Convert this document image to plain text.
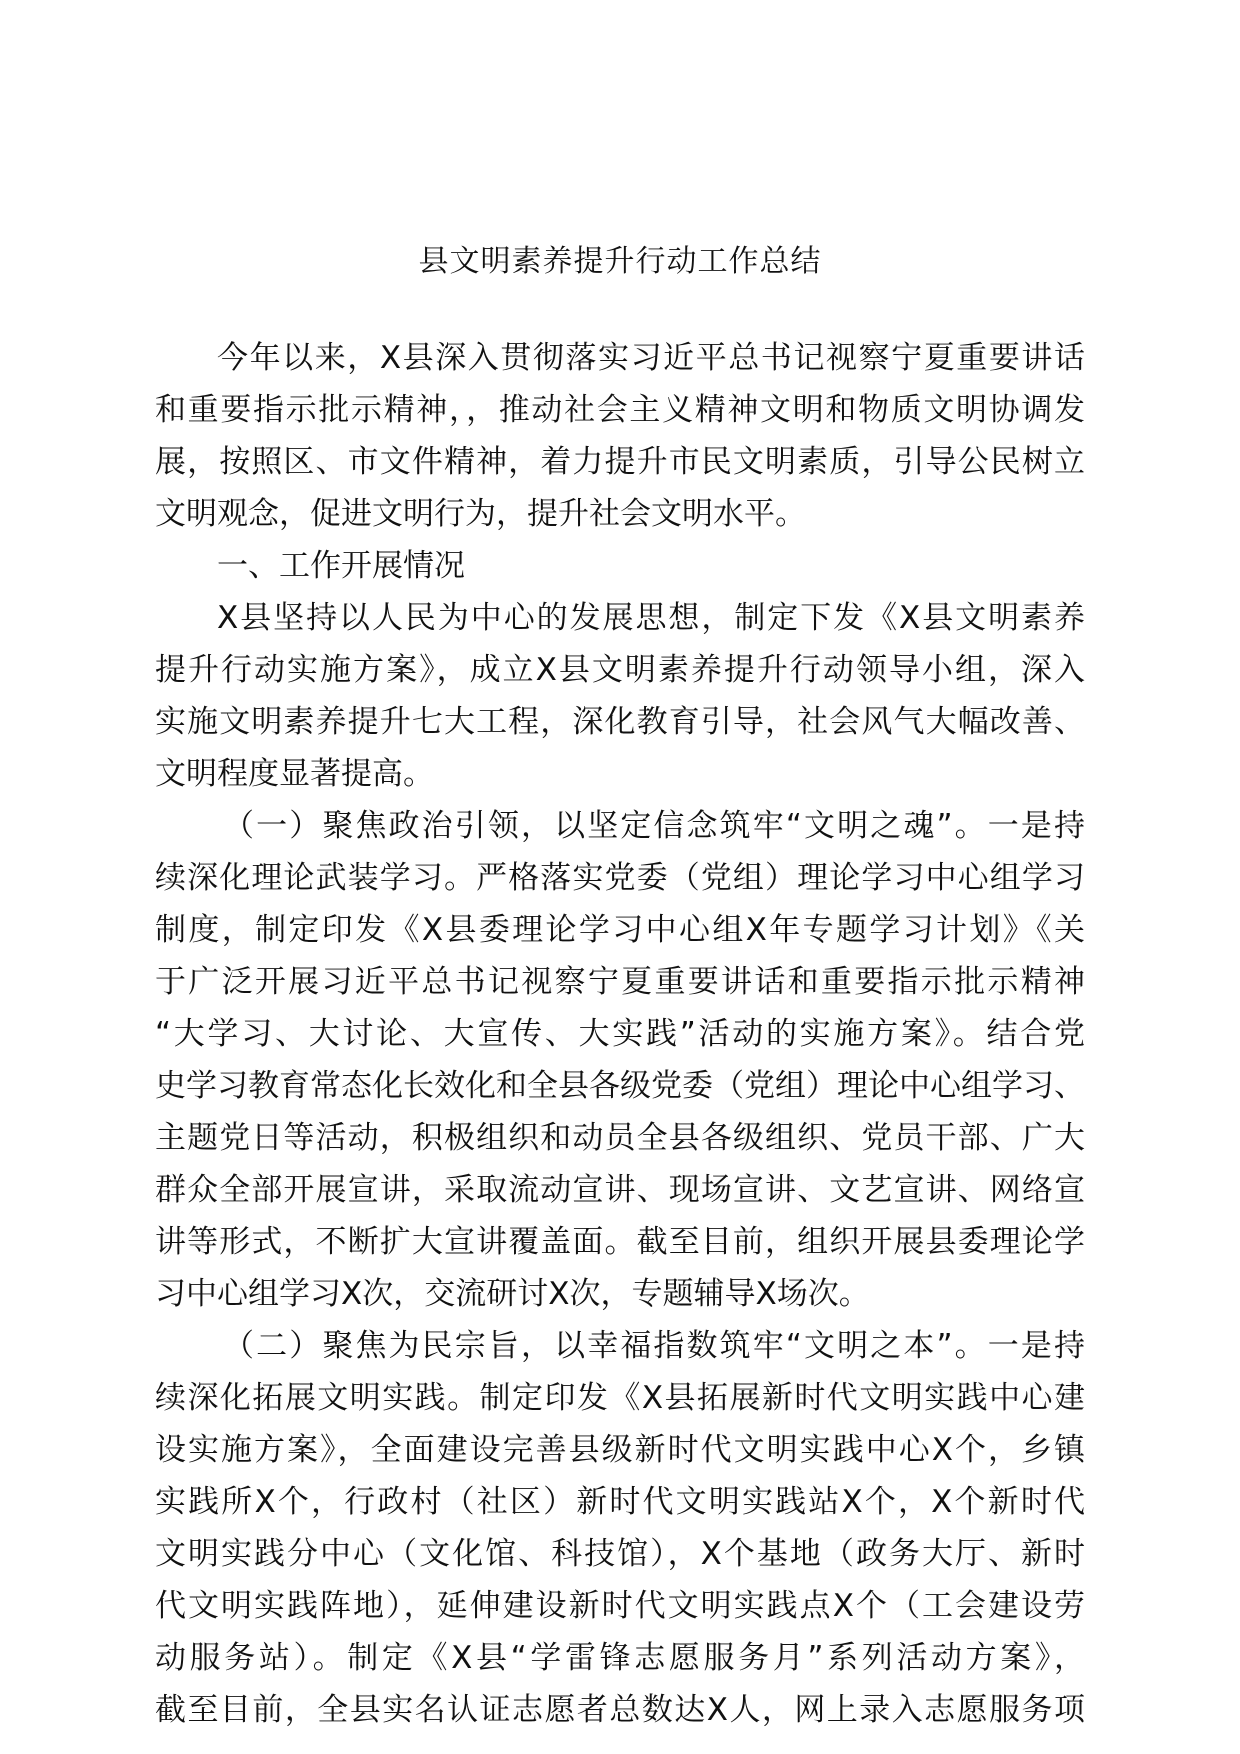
县文明素养提升行动工作总结
今年以来，X县深入贯彻落实习近平总书记视察宁夏重要讲话
和重要指示批示精神，，推动社会主义精神文明和物质文明协调发
展，按照区、市文件精神，着力提升市民文明素质，引导公民树立
文明观念，促进文明行为，提升社会文明水平。
一、工作开展情况
X县坚持以人民为中心的发展思想，制定下发《X县文明素养
提升行动实施方案》，成立X县文明素养提升行动领导小组，深入
实施文明素养提升七大工程，深化教育引导，社会风气大幅改善、
文明程度显著提高。
（一）聚焦政治引领，以坚定信念筑牢“文明之魂”。一是持
续深化理论武装学习。严格落实党委（党组）理论学习中心组学习
制度，制定印发《X县委理论学习中心组X年专题学习计划》《关
于广泛开展习近平总书记视察宁夏重要讲话和重要指示批示精神
“大学习、大讨论、大宣传、大实践”活动的实施方案》。结合党
史学习教育常态化长效化和全县各级党委（党组）理论中心组学习、
主题党日等活动，积极组织和动员全县各级组织、党员干部、广大
群众全部开展宣讲，采取流动宣讲、现场宣讲、文艺宣讲、网络宣
讲等形式，不断扩大宣讲覆盖面。截至目前，组织开展县委理论学
习中心组学习X次，交流研讨X次，专题辅导X场次。
（二）聚焦为民宗旨，以幸福指数筑牢“文明之本”。一是持
续深化拓展文明实践。制定印发《X县拓展新时代文明实践中心建
设实施方案》，全面建设完善县级新时代文明实践中心X个，乡镇
实践所X个，行政村（社区）新时代文明实践站X个，X个新时代
文明实践分中心（文化馆、科技馆），X个基地（政务大厅、新时
代文明实践阵地），延伸建设新时代文明实践点X个（工会建设劳
动服务站）。制定《X县“学雷锋志愿服务月”系列活动方案》，
截至目前，全县实名认证志愿者总数达X人，网上录入志愿服务项
